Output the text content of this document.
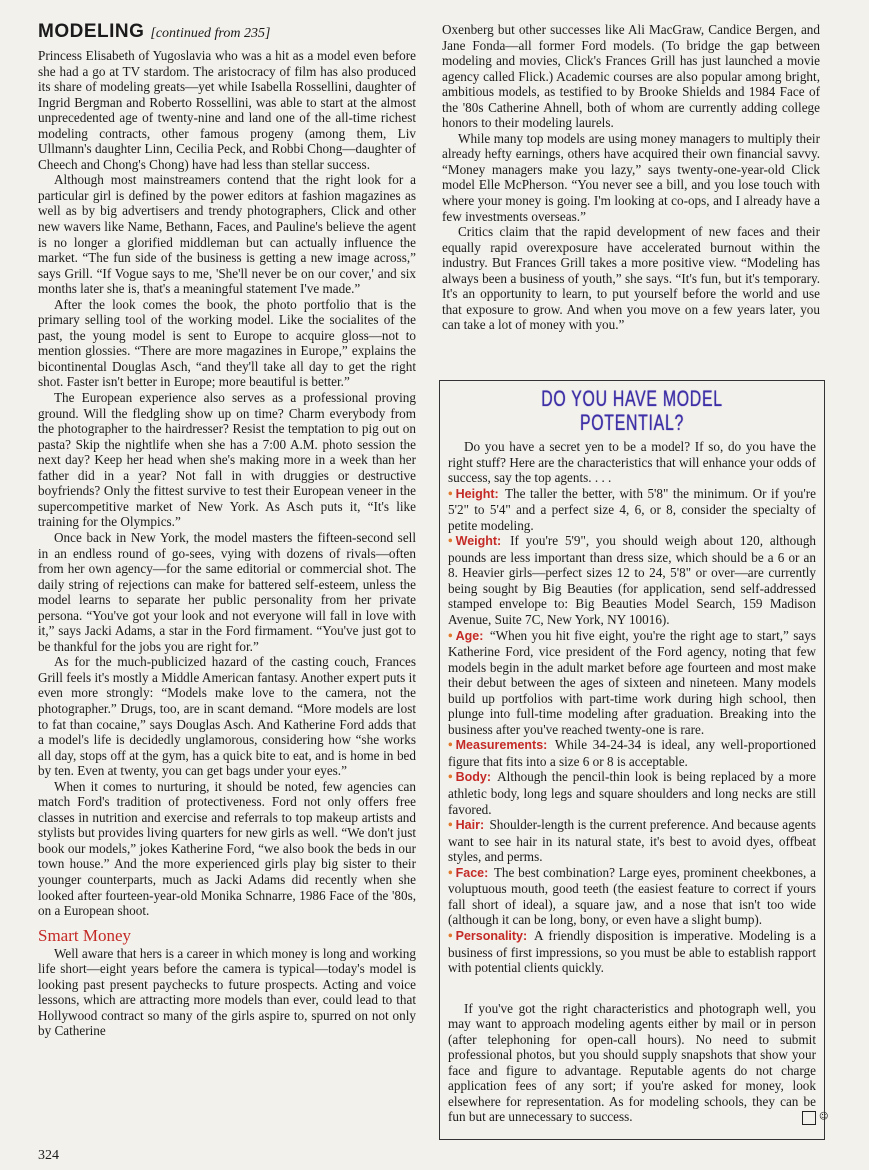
MODELING [continued from 235]

Princess Elisabeth of Yugoslavia who was a hit as a model even before she had a go at TV stardom. The aristocracy of film has also produced its share of modeling greats—yet while Isabella Rossellini, daughter of Ingrid Bergman and Roberto Rossellini, was able to start at the almost unprecedented age of twenty-nine and land one of the all-time richest modeling contracts, other famous progeny (among them, Liv Ullmann's daughter Linn, Cecilia Peck, and Robbi Chong—daughter of Cheech and Chong's Chong) have had less than stellar success.

Although most mainstreamers contend that the right look for a particular girl is defined by the power editors at fashion magazines as well as by big advertisers and trendy photographers, Click and other new wavers like Name, Bethann, Faces, and Pauline's believe the agent is no longer a glorified middleman but can actually influence the market. “The fun side of the business is getting a new image across,” says Grill. “If Vogue says to me, 'She'll never be on our cover,' and six months later she is, that's a meaningful statement I've made.”

After the look comes the book, the photo portfolio that is the primary selling tool of the working model. Like the socialites of the past, the young model is sent to Europe to acquire gloss—not to mention glossies. “There are more magazines in Europe,” explains the bicontinental Douglas Asch, “and they'll take all day to get the right shot. Faster isn't better in Europe; more beautiful is better.”

The European experience also serves as a professional proving ground. Will the fledgling show up on time? Charm everybody from the photographer to the hairdresser? Resist the temptation to pig out on pasta? Skip the nightlife when she has a 7:00 A.M. photo session the next day? Keep her head when she's making more in a week than her father did in a year? Not fall in with druggies or destructive boyfriends? Only the fittest survive to test their European veneer in the supercompetitive market of New York. As Asch puts it, “It's like training for the Olympics.”

Once back in New York, the model masters the fifteen-second sell in an endless round of go-sees, vying with dozens of rivals—often from her own agency—for the same editorial or commercial shot. The daily string of rejections can make for battered self-esteem, unless the model learns to separate her public personality from her private persona. “You've got your look and not everyone will fall in love with it,” says Jacki Adams, a star in the Ford firmament. “You've just got to be thankful for the jobs you are right for.”

As for the much-publicized hazard of the casting couch, Frances Grill feels it's mostly a Middle American fantasy. Another expert puts it even more strongly: “Models make love to the camera, not the photographer.” Drugs, too, are in scant demand. “More models are lost to fat than cocaine,” says Douglas Asch. And Katherine Ford adds that a model's life is decidedly unglamorous, considering how “she works all day, stops off at the gym, has a quick bite to eat, and is home in bed by ten. Even at twenty, you can get bags under your eyes.”

When it comes to nurturing, it should be noted, few agencies can match Ford's tradition of protectiveness. Ford not only offers free classes in nutrition and exercise and referrals to top makeup artists and stylists but provides living quarters for new girls as well. “We don't just book our models,” jokes Katherine Ford, “we also book the beds in our town house.” And the more experienced girls play big sister to their younger counterparts, much as Jacki Adams did recently when she looked after fourteen-year-old Monika Schnarre, 1986 Face of the '80s, on a European shoot.

Smart Money

Well aware that hers is a career in which money is long and working life short—eight years before the camera is typical—today's model is looking past present paychecks to future prospects. Acting and voice lessons, which are attracting more models than ever, could lead to that Hollywood contract so many of the girls aspire to, spurred on not only by Catherine

Oxenberg but other successes like Ali MacGraw, Candice Bergen, and Jane Fonda—all former Ford models. (To bridge the gap between modeling and movies, Click's Frances Grill has just launched a movie agency called Flick.) Academic courses are also popular among bright, ambitious models, as testified to by Brooke Shields and 1984 Face of the '80s Catherine Ahnell, both of whom are currently adding college honors to their modeling laurels.

While many top models are using money managers to multiply their already hefty earnings, others have acquired their own financial savvy. “Money managers make you lazy,” says twenty-one-year-old Click model Elle McPherson. “You never see a bill, and you lose touch with where your money is going. I'm looking at co-ops, and I already have a few investments overseas.”

Critics claim that the rapid development of new faces and their equally rapid overexposure have accelerated burnout within the industry. But Frances Grill takes a more positive view. “Modeling has always been a business of youth,” she says. “It's fun, but it's temporary. It's an opportunity to learn, to put yourself before the world and use that exposure to grow. And when you move on a few years later, you can take a lot of money with you.”

DO YOU HAVE MODEL POTENTIAL?

Do you have a secret yen to be a model? If so, do you have the right stuff? Here are the characteristics that will enhance your odds of success, say the top agents. . . .

• Height: The taller the better, with 5'8" the minimum. Or if you're 5'2" to 5'4" and a perfect size 4, 6, or 8, consider the specialty of petite modeling.

• Weight: If you're 5'9", you should weigh about 120, although pounds are less important than dress size, which should be a 6 or an 8. Heavier girls—perfect sizes 12 to 24, 5'8" or over—are currently being sought by Big Beauties (for application, send self-addressed stamped envelope to: Big Beauties Model Search, 159 Madison Avenue, Suite 7C, New York, NY 10016).

• Age: “When you hit five eight, you're the right age to start,” says Katherine Ford, vice president of the Ford agency, noting that few models begin in the adult market before age fourteen and most make their debut between the ages of sixteen and nineteen. Many models build up portfolios with part-time work during high school, then plunge into full-time modeling after graduation. Breaking into the business after you've reached twenty-one is rare.

• Measurements: While 34-24-34 is ideal, any well-proportioned figure that fits into a size 6 or 8 is acceptable.

• Body: Although the pencil-thin look is being replaced by a more athletic body, long legs and square shoulders and long necks are still favored.

• Hair: Shoulder-length is the current preference. And because agents want to see hair in its natural state, it's best to avoid dyes, offbeat styles, and perms.

• Face: The best combination? Large eyes, prominent cheekbones, a voluptuous mouth, good teeth (the easiest feature to correct if yours fall short of ideal), a square jaw, and a nose that isn't too wide (although it can be long, bony, or even have a slight bump).

• Personality: A friendly disposition is imperative. Modeling is a business of first impressions, so you must be able to establish rapport with potential clients quickly.

If you've got the right characteristics and photograph well, you may want to approach modeling agents either by mail or in person (after telephoning for open-call hours). No need to submit professional photos, but you should supply snapshots that show your face and figure to advantage. Reputable agents do not charge application fees of any sort; if you're asked for money, look elsewhere for representation. As for modeling schools, they can be fun but are unnecessary to success.	☺

324
